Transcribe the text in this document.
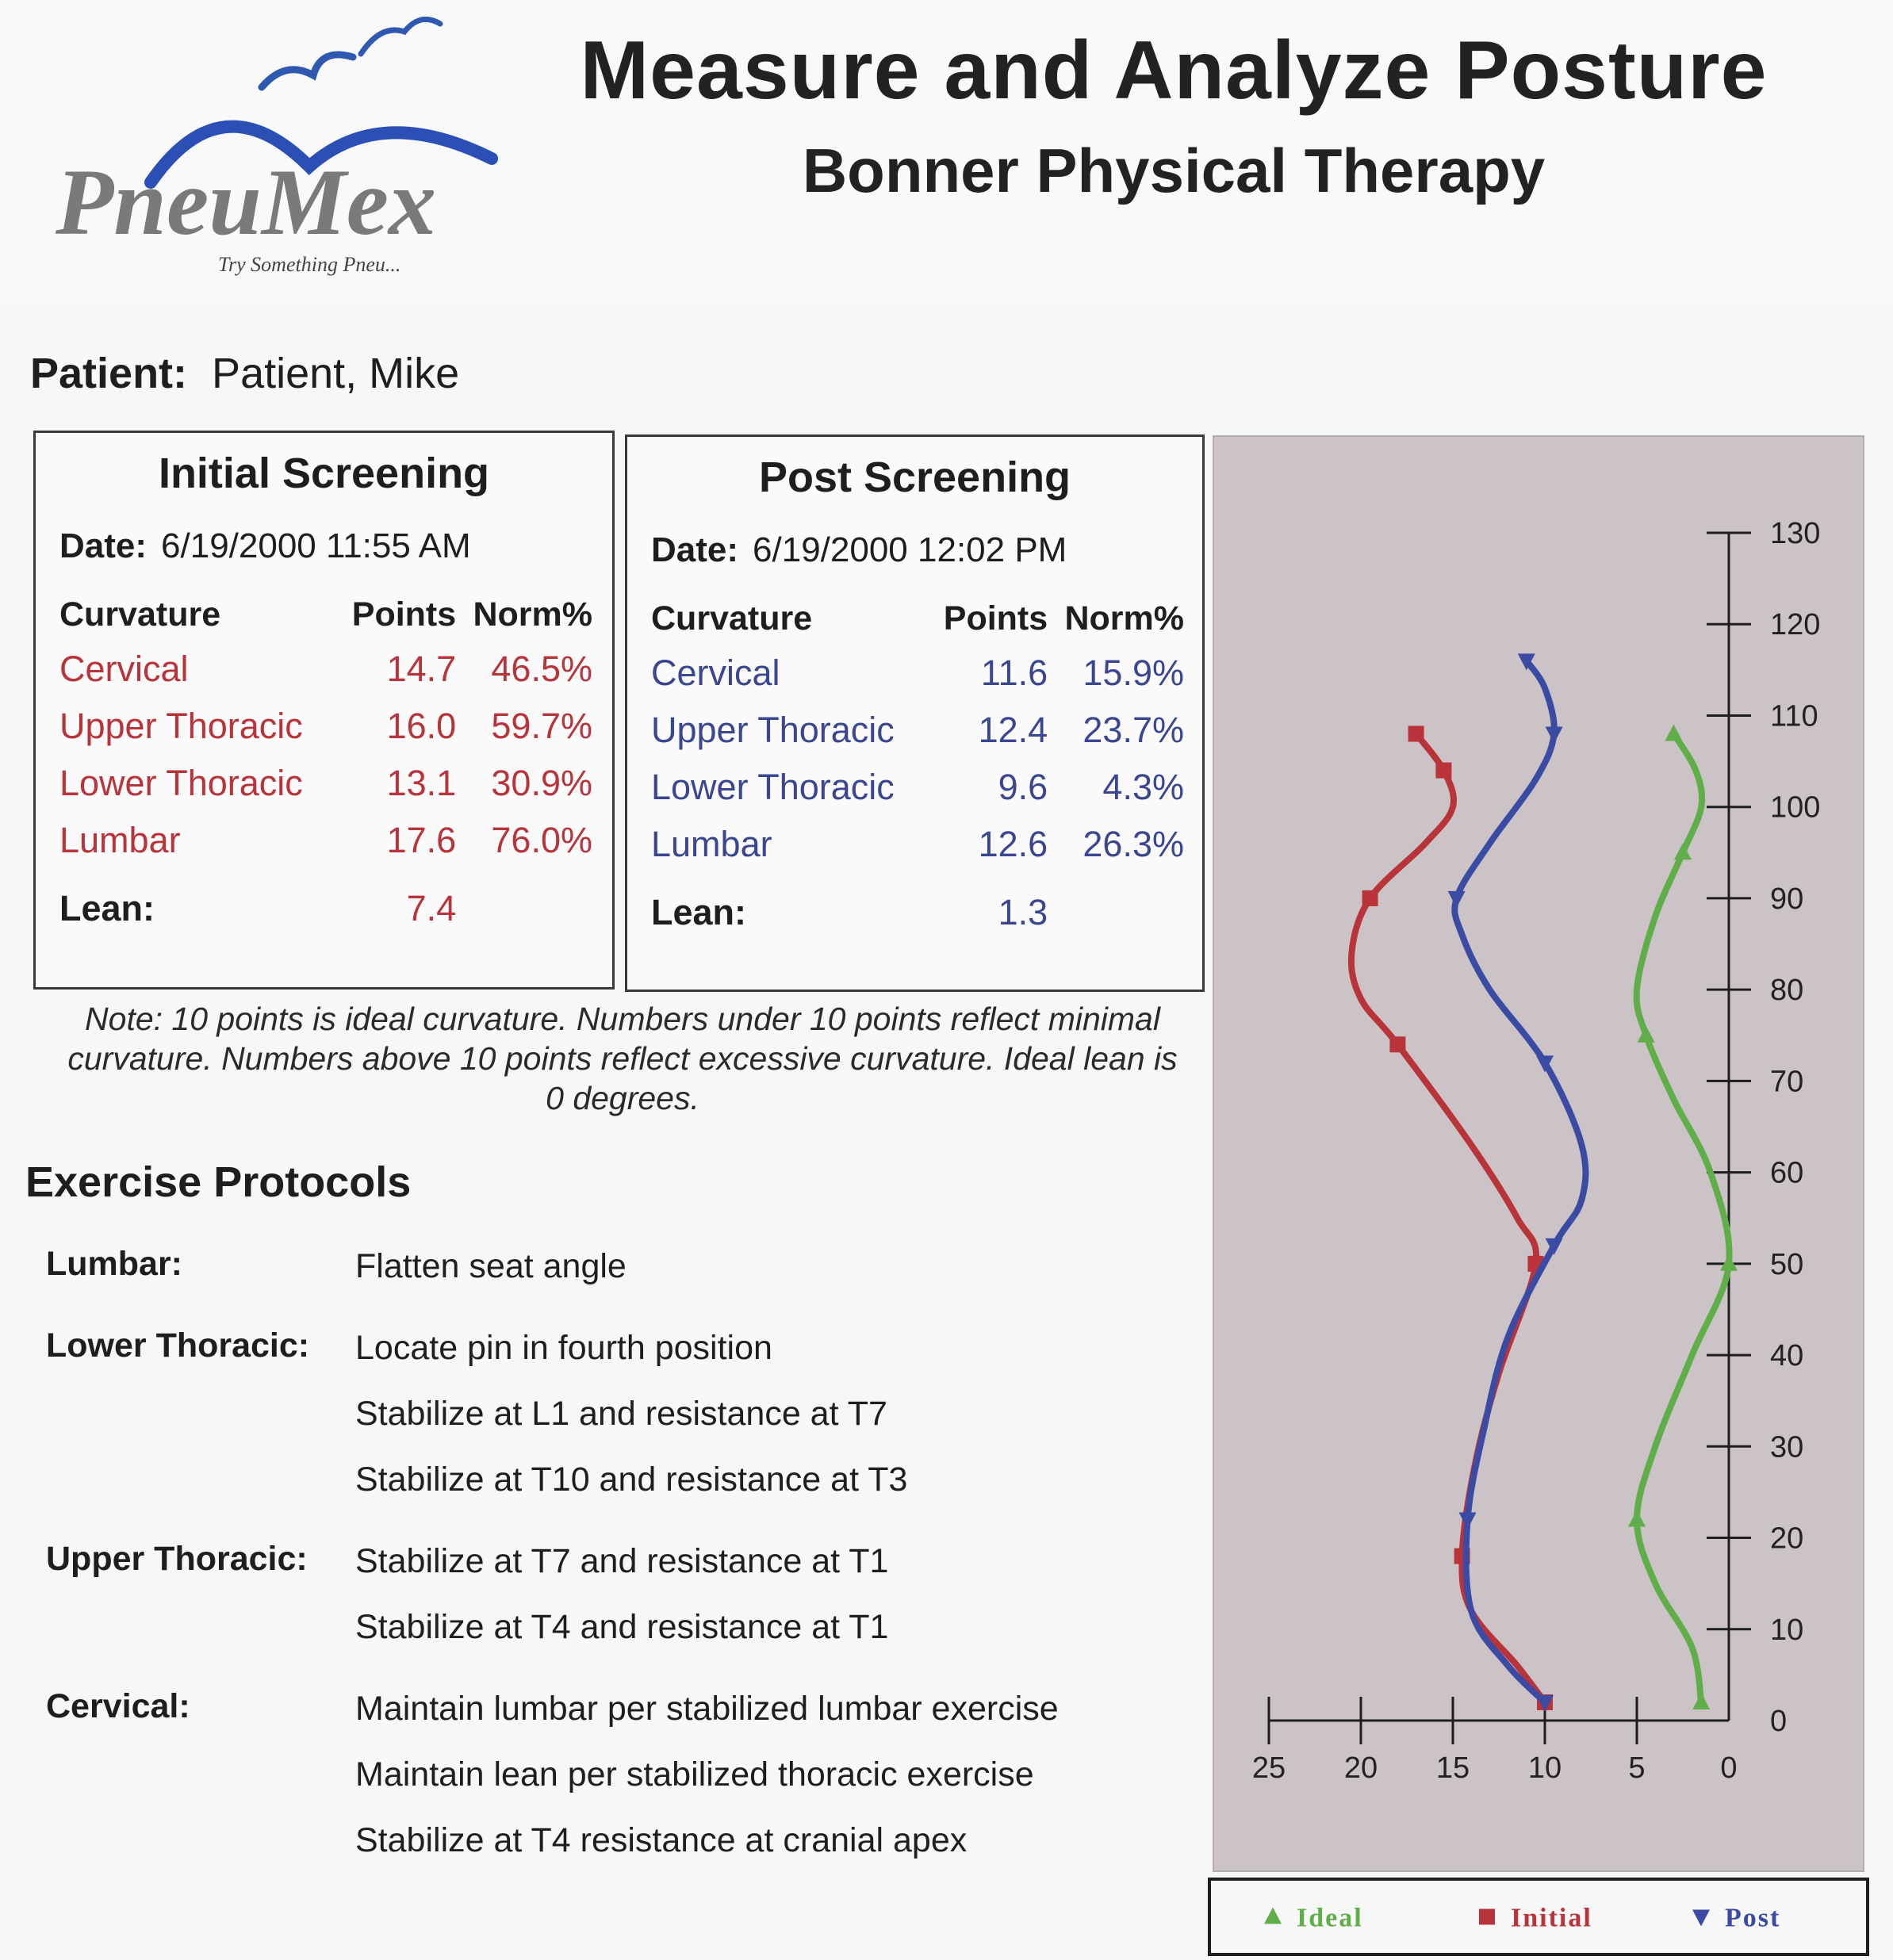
PneuMex
Try Something Pneu...
Measure and Analyze Posture
Bonner Physical Therapy
Patient: Patient, Mike
Initial Screening
Date: 6/19/2000 11:55 AM
Curvature	Points	Norm%
Cervical	14.7	46.5%
Upper Thoracic	16.0	59.7%
Lower Thoracic	13.1	30.9%
Lumbar	17.6	76.0%
Lean:	7.4	
Post Screening
Date: 6/19/2000 12:02 PM
Curvature	Points	Norm%
Cervical	11.6	15.9%
Upper Thoracic	12.4	23.7%
Lower Thoracic	9.6	4.3%
Lumbar	12.6	26.3%
Lean:	1.3	
Note: 10 points is ideal curvature. Numbers under 10 points reflect minimal curvature. Numbers above 10 points reflect excessive curvature. Ideal lean is 0 degrees.
Exercise Protocols
Lumbar:	Flatten seat angle
Lower Thoracic: Locate pin in fourth position
Stabilize at L1 and resistance at T7
Stabilize at T10 and resistance at T3
Upper Thoracic: Stabilize at T7 and resistance at T1
Stabilize at T4 and resistance at T1
Cervical:	Maintain lumbar per stabilized lumbar exercise
Maintain lean per stabilized thoracic exercise
Stabilize at T4 resistance at cranial apex
0
10
20
30
40
50
60
70
80
90
100
110
120
130
25 20 15 10 5 0
Ideal	Initial	Post
